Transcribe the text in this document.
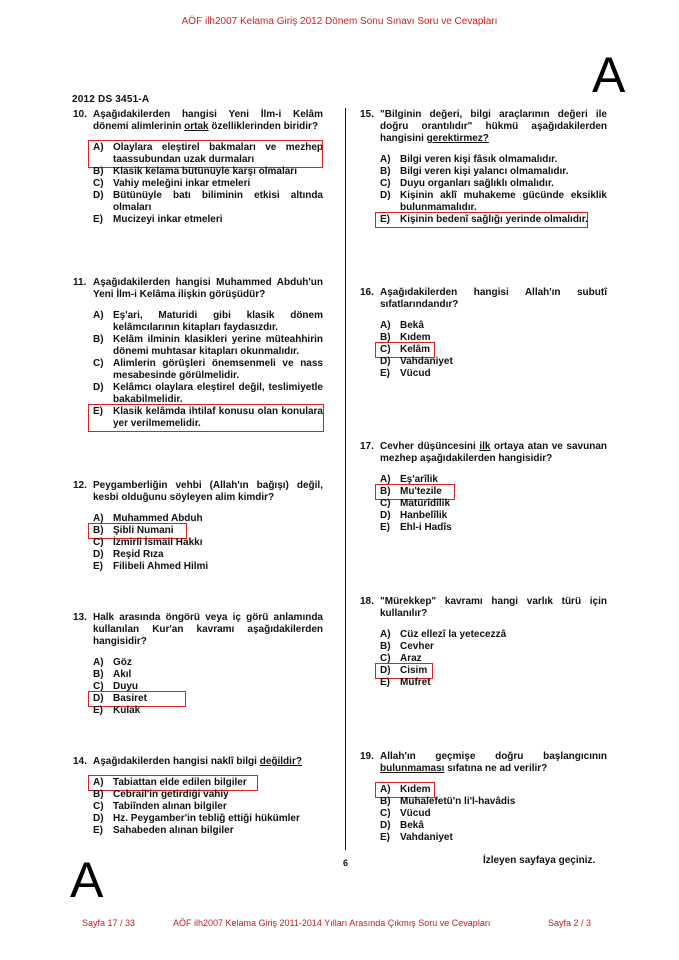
AÖF ilh2007 Kelama Giriş 2012 Dönem Sonu Sınavı Soru ve Cevapları
A
2012 DS 3451-A
10. Aşağıdakilerden hangisi Yeni İlm-i Kelâm dönemi alimlerinin ortak özelliklerinden biridir?
A) Olaylara eleştirel bakmaları ve mezhep taassubundan uzak durmaları
B) Klasik kelama bütünüyle karşı olmaları
C) Vahiy meleğini inkar etmeleri
D) Bütünüyle batı biliminin etkisi altında olmaları
E)	Mucizeyi inkar etmeleri
11. Aşağıdakilerden hangisi Muhammed Abduh'un Yeni İlm-i Kelâma ilişkin görüşüdür?
A) Eş'ari, Maturidi gibi klasik dönem kelâmcılarının kitapları faydasızdır.
B) Kelâm ilminin klasikleri yerine müteahhirin dönemi muhtasar kitapları okunmalıdır.
C) Alimlerin görüşleri önemsenmeli ve nass mesabesinde görülmelidir.
D) Kelâmcı olaylara eleştirel değil, teslimiyetle bakabilmelidir.
E)	Klasik kelâmda ihtilaf konusu olan konulara yer verilmemelidir.
12. Peygamberliğin vehbi (Allah'ın bağışı) değil, kesbi olduğunu söyleyen alim kimdir?
A) Muhammed Abduh
B) Şibli Numani
C) İzmirli İsmail Hakkı
D) Reşid Rıza
E)	Filibeli Ahmed Hilmi
13. Halk arasında öngörü veya iç görü anlamında kullanılan Kur'an kavramı aşağıdakilerden hangisidir?
A) Göz
B) Akıl
C) Duyu
D) Basiret
E)	Kulak
14. Aşağıdakilerden hangisi naklî bilgi değildir?
A) Tabiattan elde edilen bilgiler
B) Cebrail'in getirdiği vahiy
C) Tabiînden alınan bilgiler
D) Hz. Peygamber'in tebliğ ettiği hükümler
E)	Sahabeden alınan bilgiler
15. "Bilginin değeri, bilgi araçlarının değeri ile doğru orantılıdır" hükmü aşağıdakilerden hangisini gerektirmez?
A) Bilgi veren kişi fâsık olmamalıdır.
B) Bilgi veren kişi yalancı olmamalıdır.
C) Duyu organları sağlıklı olmalıdır.
D) Kişinin aklî muhakeme gücünde eksiklik bulunmamalıdır.
E)	Kişinin bedenî sağlığı yerinde olmalıdır.
16. Aşağıdakilerden hangisi Allah'ın subutî sıfatlarındandır?
A) Bekâ
B) Kıdem
C) Kelâm
D) Vahdaniyet
E)	Vücud
17. Cevher düşüncesini ilk ortaya atan ve savunan mezhep aşağıdakilerden hangisidir?
A) Eş'arîlik
B) Mu'tezile
C) Matürîdîlik
D) Hanbelîlik
E)	Ehl-i Hadîs
18. "Mürekkep" kavramı hangi varlık türü için kullanılır?
A) Cüz ellezî la yetecezzâ
B) Cevher
C) Araz
D) Cisim
E)	Müfret
19. Allah'ın geçmişe doğru başlangıcının bulunmaması sıfatına ne ad verilir?
A) Kıdem
B) Muhalefetü'n li'l-havâdis
C) Vücud
D) Bekâ
E)	Vahdaniyet
6	İzleyen sayfaya geçiniz.
A
Sayfa 17 / 33	AÖF ilh2007 Kelama Giriş 2011-2014 Yılları Arasında Çıkmış Soru ve Cevapları	Sayfa 2 / 3
